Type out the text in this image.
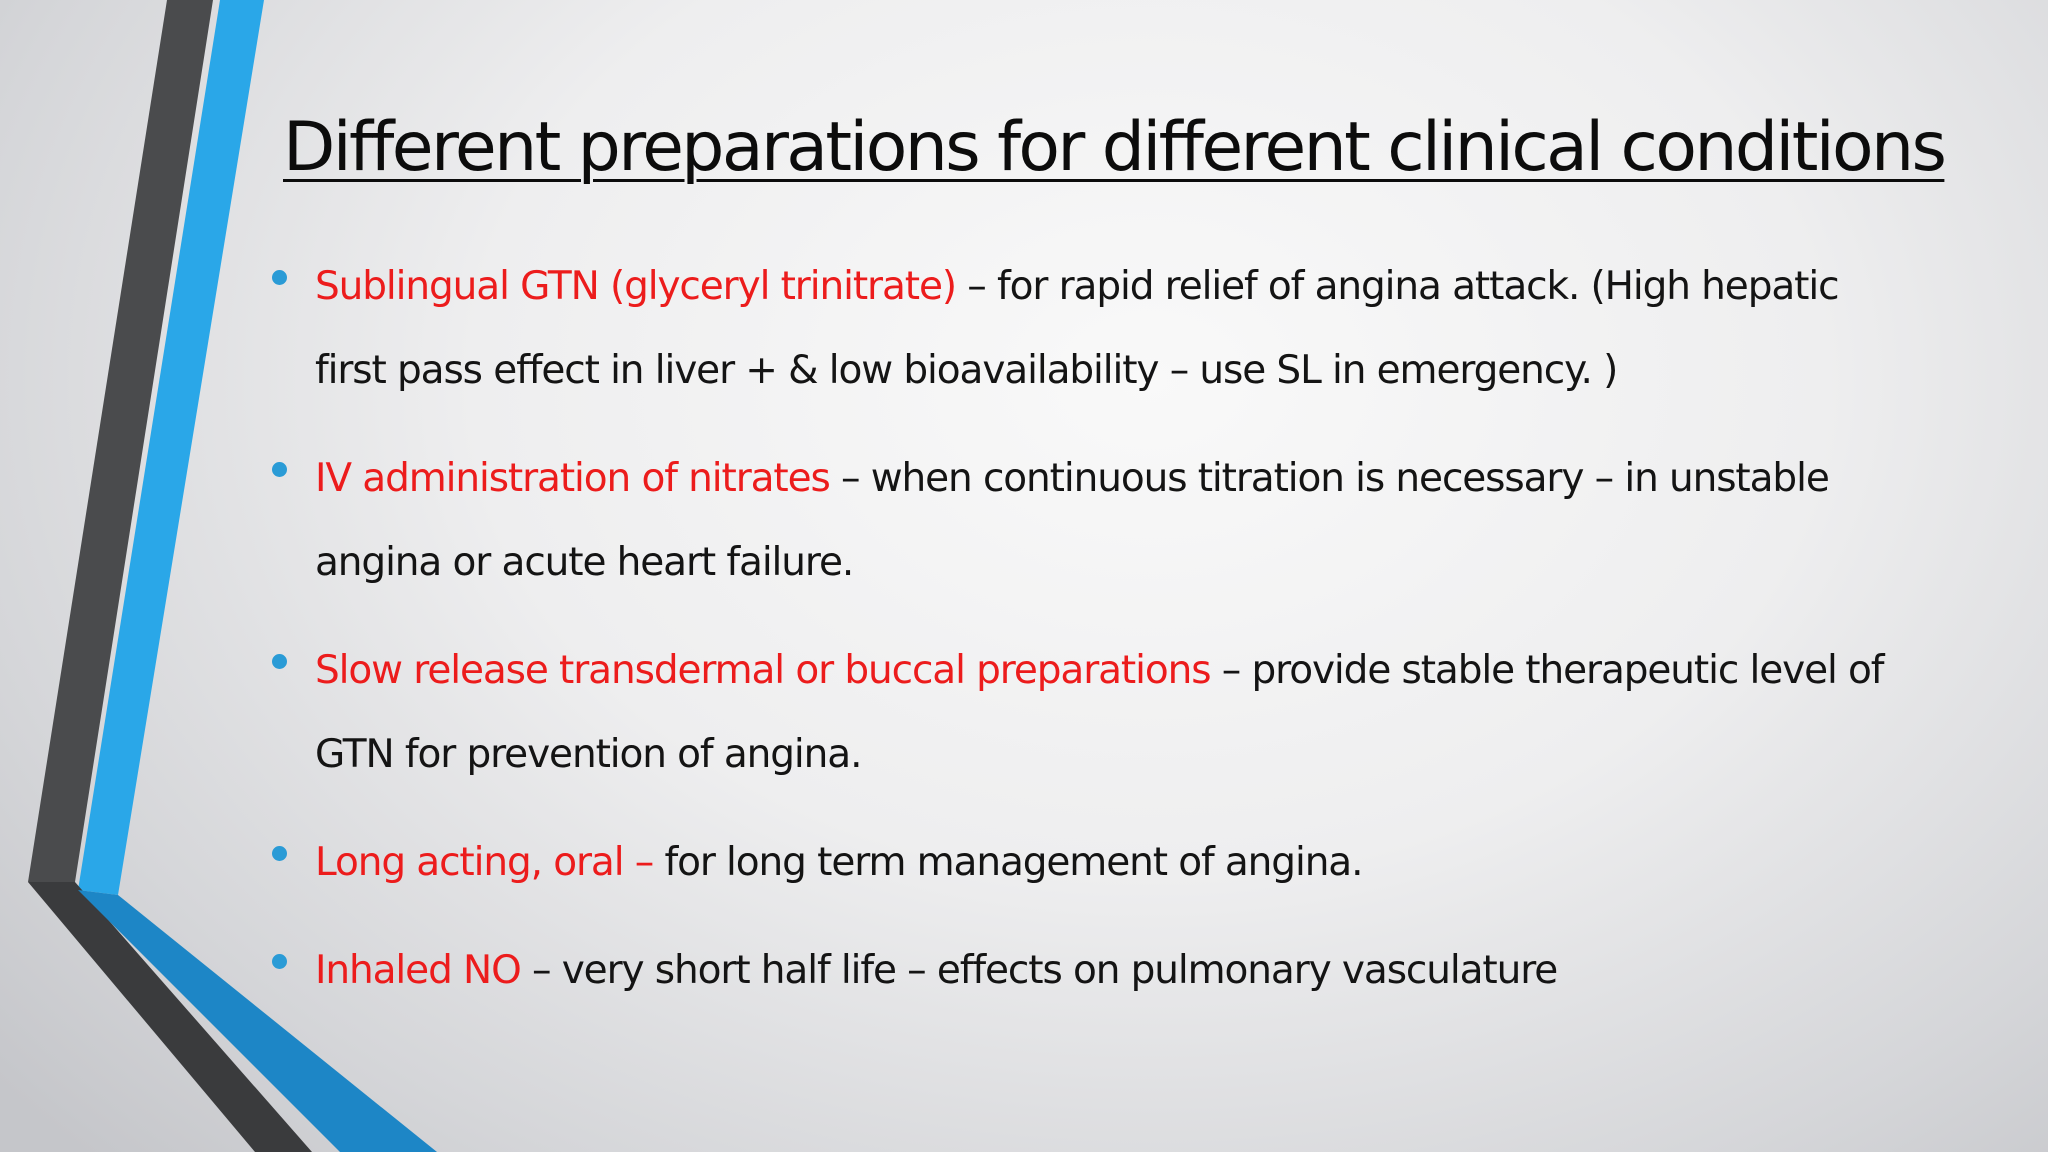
Different preparations for different clinical conditions
Sublingual GTN (glyceryl trinitrate) – for rapid relief of angina attack. (High hepatic first pass effect in liver + & low bioavailability – use SL in emergency. )
IV administration of nitrates – when continuous titration is necessary – in unstable angina or acute heart failure.
Slow release transdermal or buccal preparations – provide stable therapeutic level of GTN for prevention of angina.
Long acting, oral – for long term management of angina.
Inhaled NO – very short half life – effects on pulmonary vasculature
